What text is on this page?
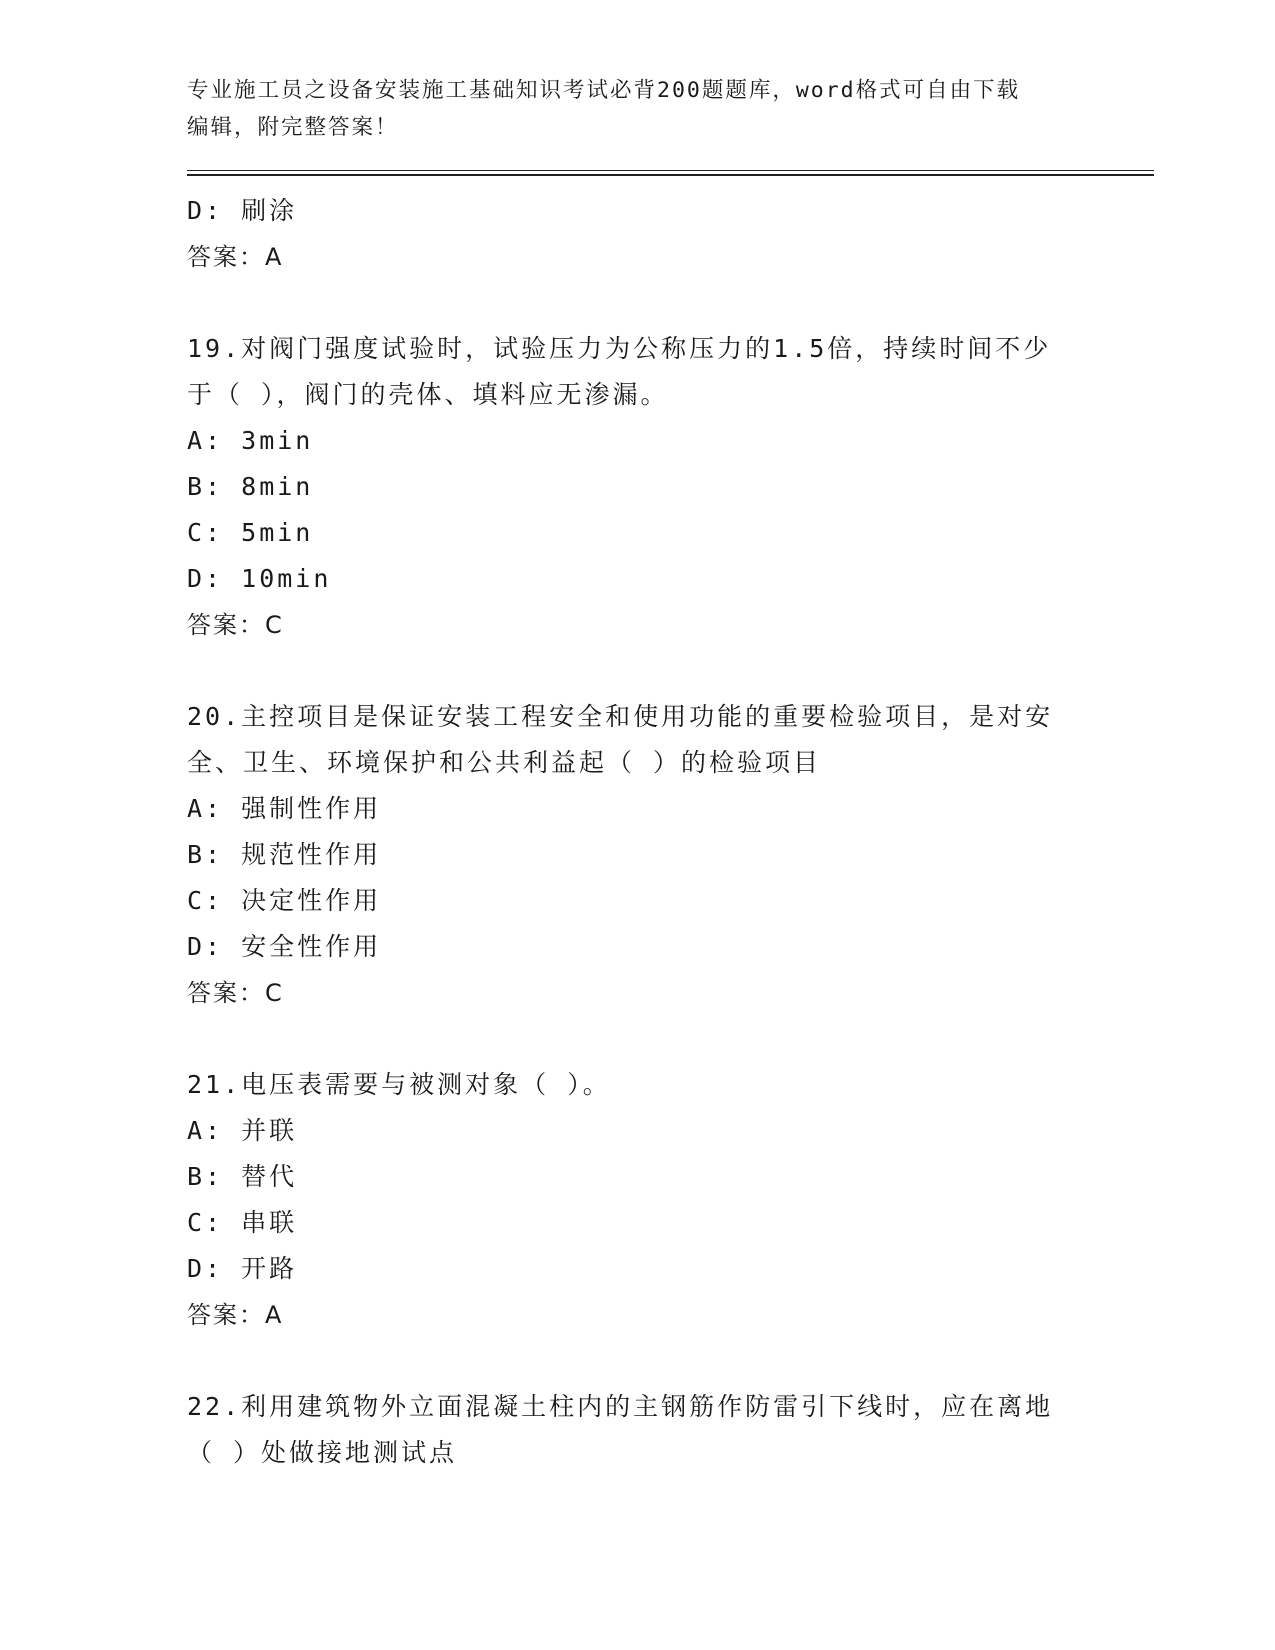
专业施工员之设备安装施工基础知识考试必背200题题库，word格式可自由下载
编辑，附完整答案！
D: 刷涂
答案：A
19.对阀门强度试验时，试验压力为公称压力的1.5倍，持续时间不少
于（ ），阀门的壳体、填料应无渗漏。
A: 3min
B: 8min
C: 5min
D: 10min
答案：C
20.主控项目是保证安装工程安全和使用功能的重要检验项目，是对安
全、卫生、环境保护和公共利益起（ ）的检验项目
A: 强制性作用
B: 规范性作用
C: 决定性作用
D: 安全性作用
答案：C
21.电压表需要与被测对象（ ）。
A: 并联
B: 替代
C: 串联
D: 开路
答案：A
22.利用建筑物外立面混凝土柱内的主钢筋作防雷引下线时，应在离地
（ ）处做接地测试点
